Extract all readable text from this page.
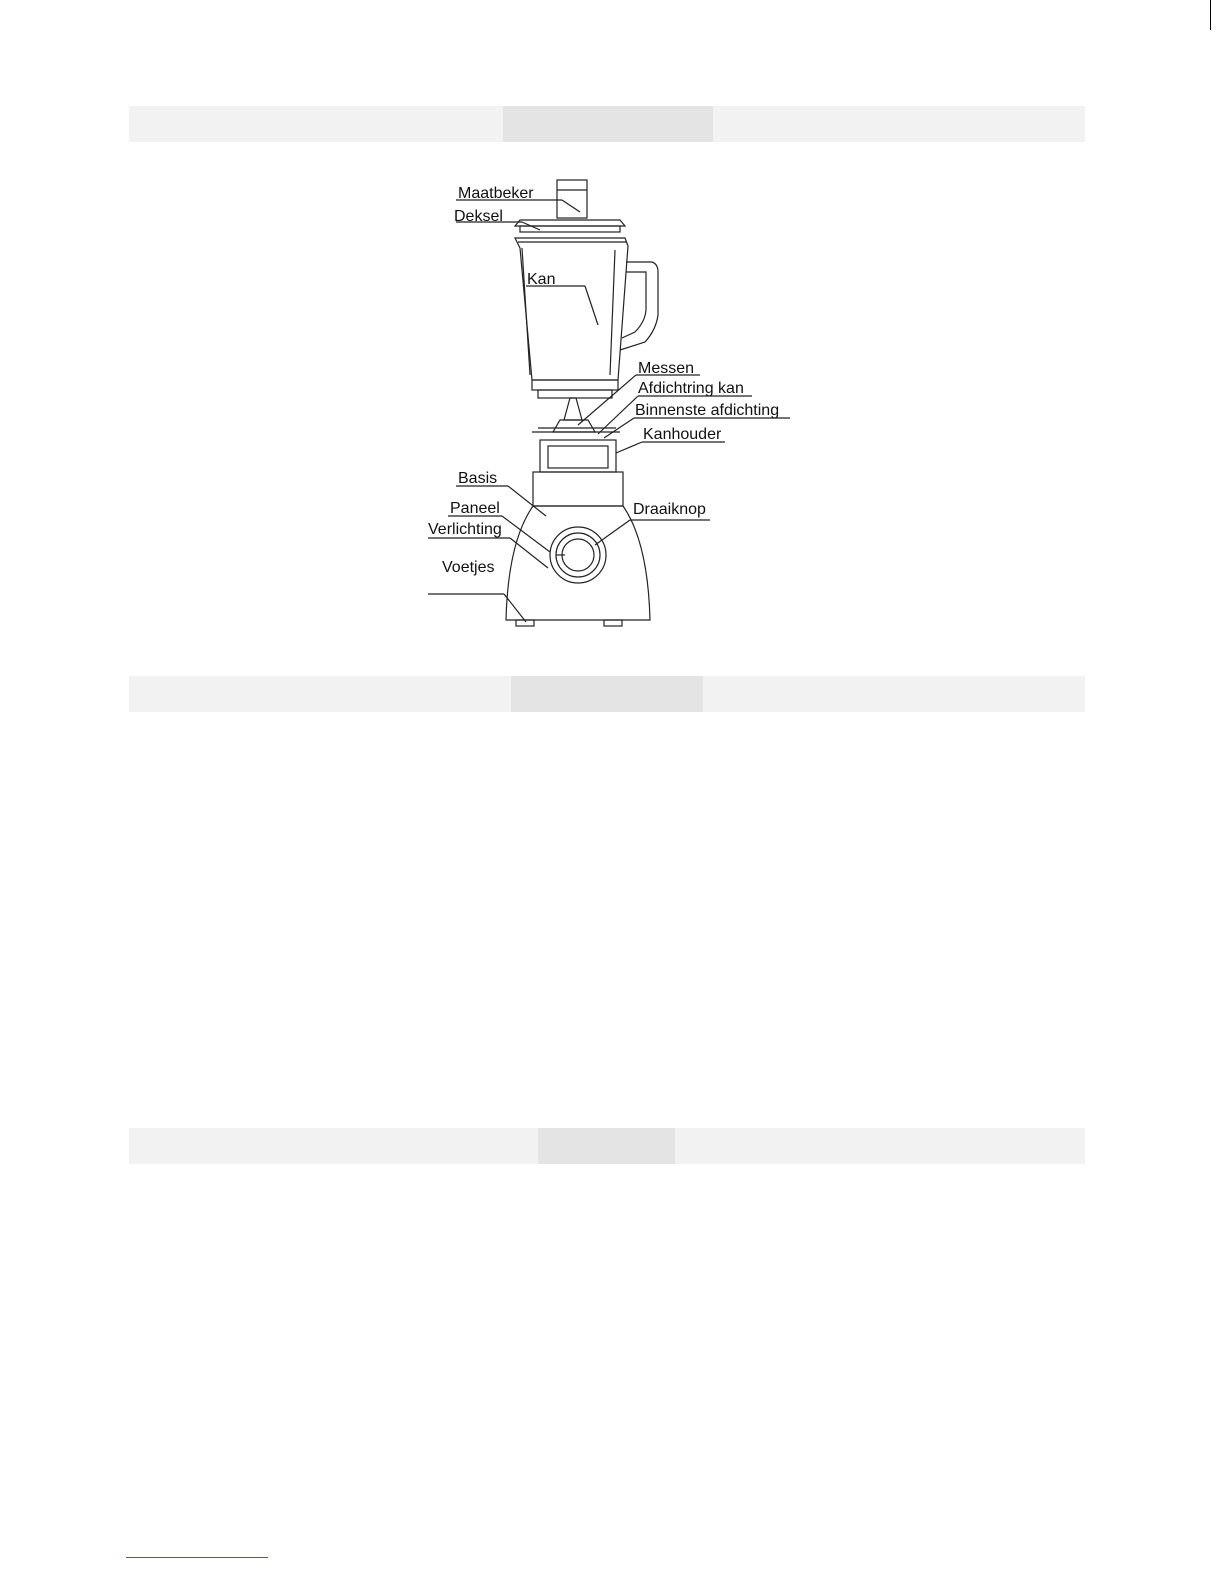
Maatbeker
Deksel
Kan
Messen
Afdichtring kan
Binnenste afdichting
Kanhouder
Basis
Paneel
Verlichting
Draaiknop
Voetjes
